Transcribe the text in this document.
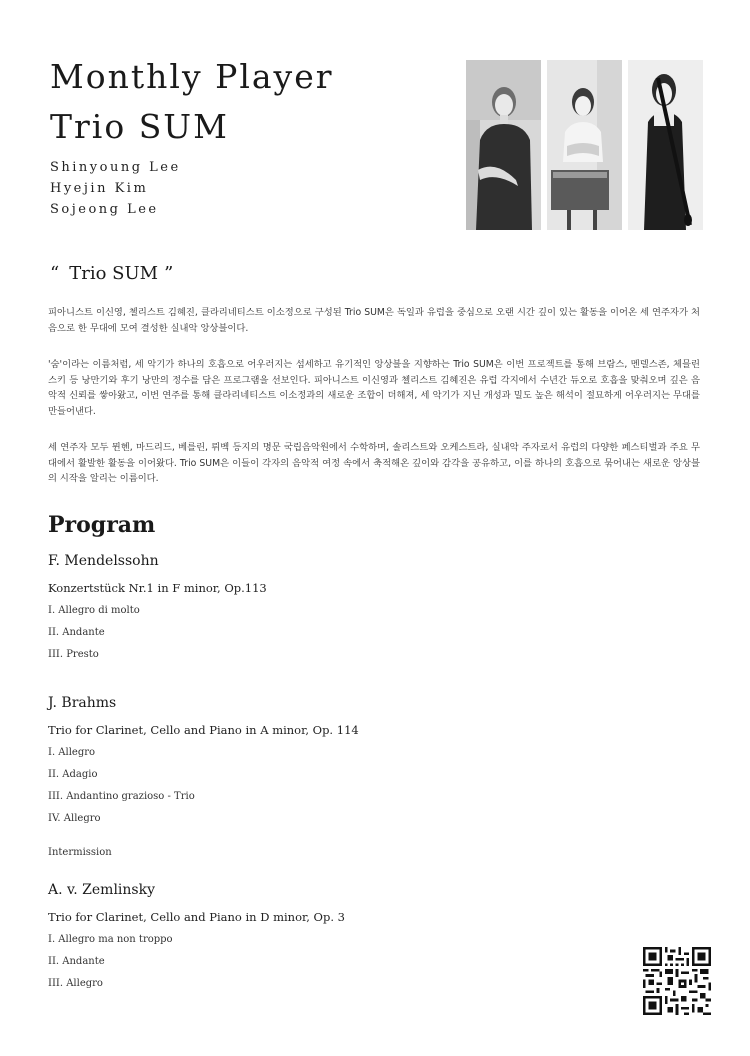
Monthly Player
Trio SUM
Shinyoung Lee
Hyejin Kim
Sojeong Lee
“ Trio SUM ”

피아니스트 이신영, 첼리스트 김혜진, 클라리네티스트 이소정으로 구성된 Trio SUM은 독일과 유럽을 중심으로 오랜 시간 깊이 있는 활동을 이어온 세 연주자가 처음으로 한 무대에 모여 결성한 실내악 앙상블이다.

'숨'이라는 이름처럼, 세 악기가 하나의 호흡으로 어우러지는 섬세하고 유기적인 앙상블을 지향하는 Trio SUM은 이번 프로젝트를 통해 브람스, 멘델스존, 체믈린스키 등 낭만기와 후기 낭만의 정수를 담은 프로그램을 선보인다. 피아니스트 이신영과 첼리스트 김혜진은 유럽 각지에서 수년간 듀오로 호흡을 맞춰오며 깊은 음악적 신뢰를 쌓아왔고, 이번 연주를 통해 클라리네티스트 이소정과의 새로운 조합이 더해져, 세 악기가 지닌 개성과 밀도 높은 해석이 절묘하게 어우러지는 무대를 만들어낸다.

세 연주자 모두 뮌헨, 마드리드, 베를린, 뤼벡 등지의 명문 국립음악원에서 수학하며, 솔리스트와 오케스트라, 실내악 주자로서 유럽의 다양한 페스티벌과 주요 무대에서 활발한 활동을 이어왔다. Trio SUM은 이들이 각자의 음악적 여정 속에서 축적해온 깊이와 감각을 공유하고, 이를 하나의 호흡으로 묶어내는 새로운 앙상블의 시작을 알리는 이름이다.

Program
F. Mendelssohn
Konzertstück Nr.1 in F minor, Op.113
I. Allegro di molto
II. Andante
III. Presto
J. Brahms
Trio for Clarinet, Cello and Piano in A minor, Op. 114
I. Allegro
II. Adagio
III. Andantino grazioso - Trio
IV. Allegro
Intermission
A. v. Zemlinsky
Trio for Clarinet, Cello and Piano in D minor, Op. 3
I. Allegro ma non troppo
II. Andante
III. Allegro
